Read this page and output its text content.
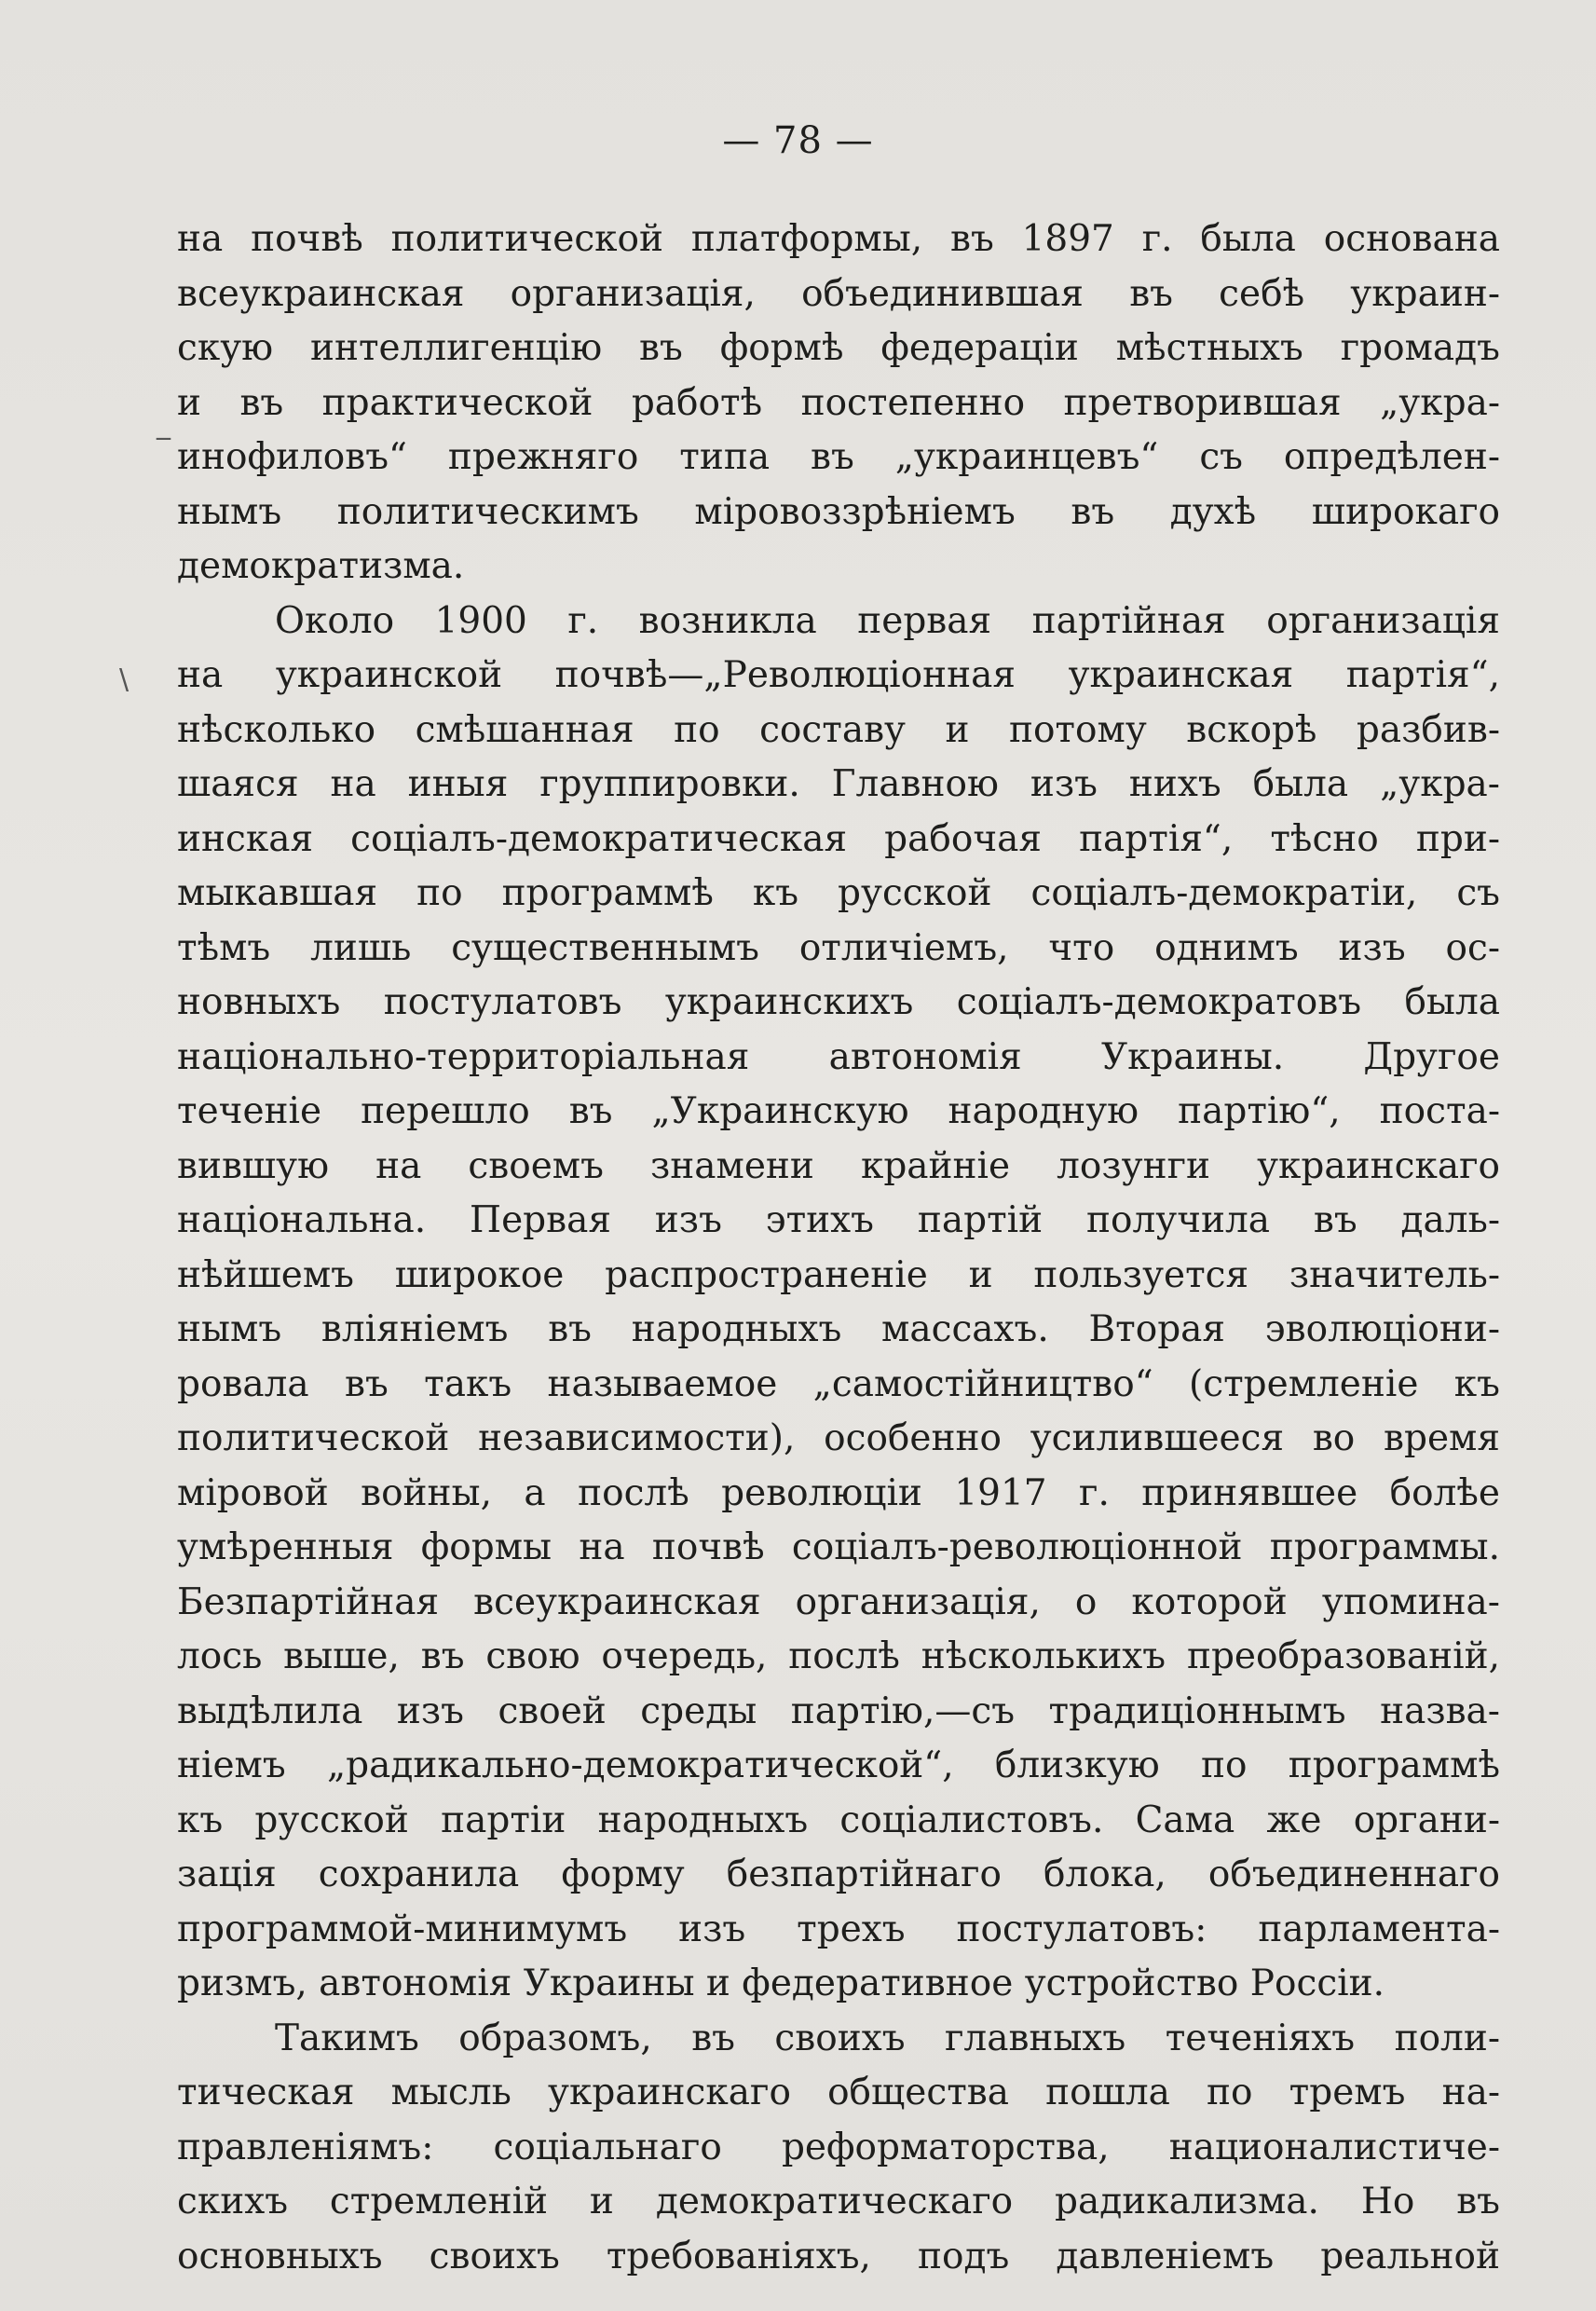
— 78 —
на почвѣ политической платформы, въ 1897 г. была основана
всеукраинская организація, объединившая въ себѣ украин-
скую интеллигенцію въ формѣ федераціи мѣстныхъ громадъ
и въ практической работѣ постепенно претворившая „укра-
инофиловъ“ прежняго типа въ „украинцевъ“ съ опредѣлен-
нымъ политическимъ міровоззрѣніемъ въ духѣ широкаго
демократизма.
Около 1900 г. возникла первая партійная организація
на украинской почвѣ—„Революціонная украинская партія“,
нѣсколько смѣшанная по составу и потому вскорѣ разбив-
шаяся на иныя группировки. Главною изъ нихъ была „укра-
инская соціалъ-демократическая рабочая партія“, тѣсно при-
мыкавшая по программѣ къ русской соціалъ-демократіи, съ
тѣмъ лишь существеннымъ отличіемъ, что однимъ изъ ос-
новныхъ постулатовъ украинскихъ соціалъ-демократовъ была
національно-территоріальная автономія Украины. Другое
теченіе перешло въ „Украинскую народную партію“, поста-
вившую на своемъ знамени крайніе лозунги украинскаго
національна. Первая изъ этихъ партій получила въ даль-
нѣйшемъ широкое распространеніе и пользуется значитель-
нымъ вліяніемъ въ народныхъ массахъ. Вторая эволюціони-
ровала въ такъ называемое „самостійництво“ (стремленіе къ
политической независимости), особенно усилившееся во время
міровой войны, а послѣ революціи 1917 г. принявшее болѣе
умѣренныя формы на почвѣ соціалъ-революціонной программы.
Безпартійная всеукраинская организація, о которой упомина-
лось выше, въ свою очередь, послѣ нѣсколькихъ преобразованій,
выдѣлила изъ своей среды партію,—съ традиціоннымъ назва-
ніемъ „радикально-демократической“, близкую по программѣ
къ русской партіи народныхъ соціалистовъ. Сама же органи-
зація сохранила форму безпартійнаго блока, объединеннаго
программой-минимумъ изъ трехъ постулатовъ: парламента-
ризмъ, автономія Украины и федеративное устройство Россіи.
Такимъ образомъ, въ своихъ главныхъ теченіяхъ поли-
тическая мысль украинскаго общества пошла по тремъ на-
правленіямъ: соціальнаго реформаторства, националистиче-
скихъ стремленій и демократическаго радикализма. Но въ
основныхъ своихъ требованіяхъ, подъ давленіемъ реальной
_
\
